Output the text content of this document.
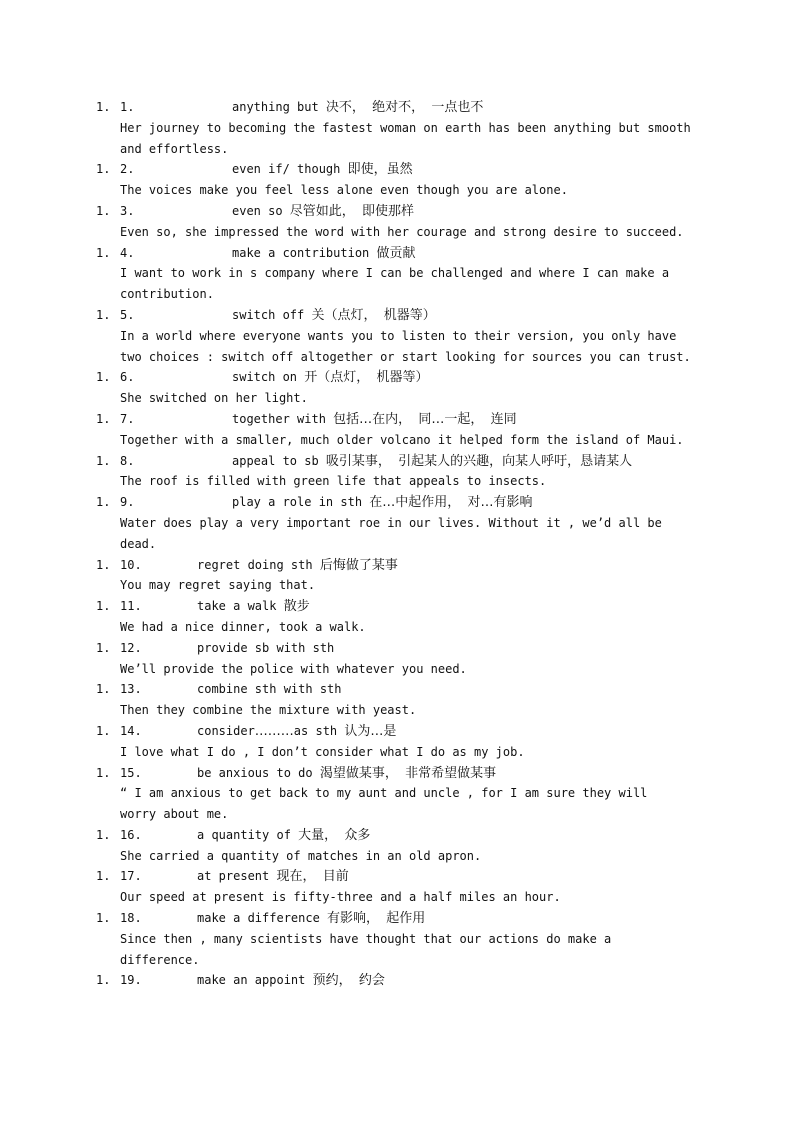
1. 1.	anything but 决不， 绝对不， 一点也不
Her journey to becoming the fastest woman on earth has been anything but smooth
and effortless.
1. 2.	even if/ though 即使，虽然
The voices make you feel less alone even though you are alone.
1. 3.	even so 尽管如此， 即使那样
Even so, she impressed the word with her courage and strong desire to succeed.
1. 4.	make a contribution 做贡献
I want to work in s company where I can be challenged and where I can make a
contribution.
1. 5.	switch off 关（点灯， 机器等）
In a world where everyone wants you to listen to their version, you only have
two choices : switch off altogether or start looking for sources you can trust.
1. 6.	switch on 开（点灯， 机器等）
She switched on her light.
1. 7.	together with 包括…在内， 同…一起， 连同
Together with a smaller, much older volcano it helped form the island of Maui.
1. 8.	appeal to sb 吸引某事， 引起某人的兴趣，向某人呼吁，恳请某人
The roof is filled with green life that appeals to insects.
1. 9.	play a role in sth 在…中起作用， 对…有影响
Water does play a very important roe in our lives. Without it , we’d all be
dead.
1. 10.	regret doing sth 后悔做了某事
You may regret saying that.
1. 11.	take a walk 散步
We had a nice dinner, took a walk.
1. 12.	provide sb with sth
We’ll provide the police with whatever you need.
1. 13.	combine sth with sth
Then they combine the mixture with yeast.
1. 14.	consider………as sth 认为…是
I love what I do , I don’t consider what I do as my job.
1. 15.	be anxious to do 渴望做某事， 非常希望做某事
“ I am anxious to get back to my aunt and uncle , for I am sure they will
worry about me.
1. 16.	a quantity of 大量， 众多
She carried a quantity of matches in an old apron.
1. 17.	at present 现在， 目前
Our speed at present is fifty-three and a half miles an hour.
1. 18.	make a difference 有影响， 起作用
Since then , many scientists have thought that our actions do make a
difference.
1. 19.	make an appoint 预约， 约会
